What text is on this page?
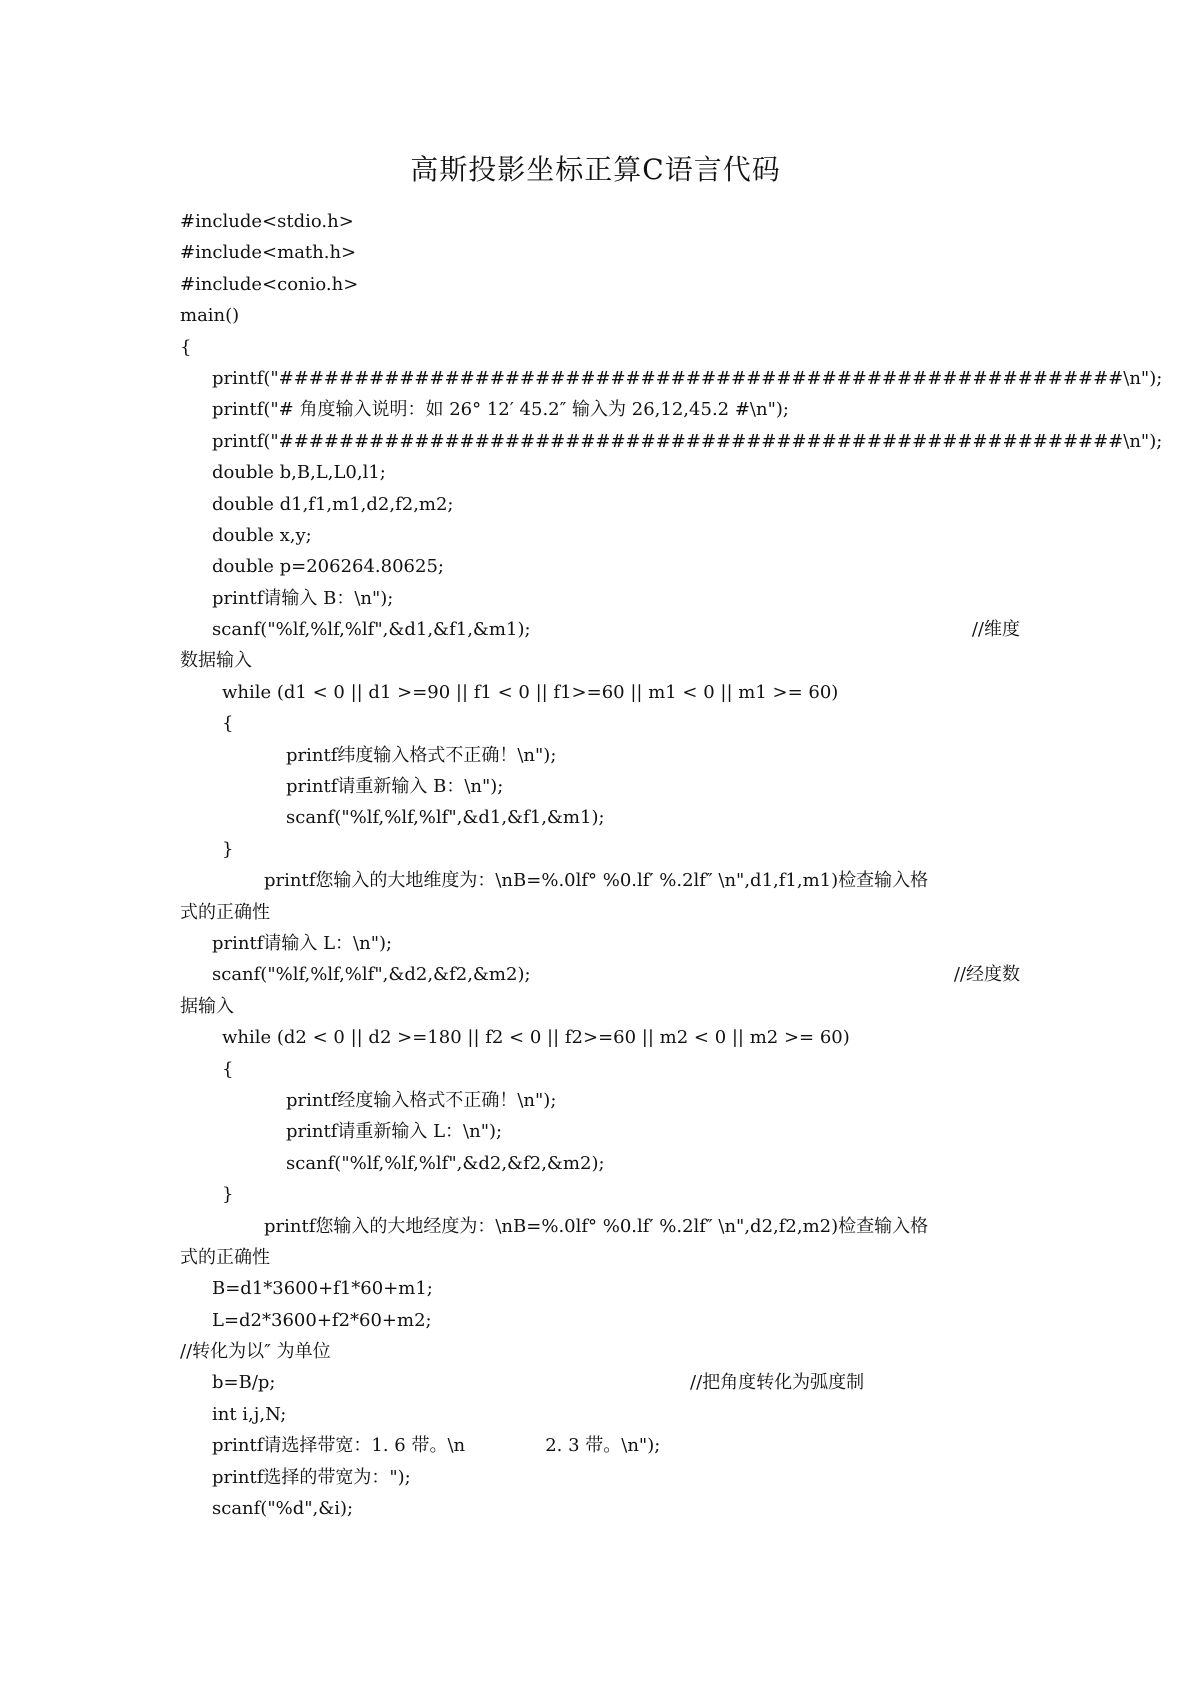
高斯投影坐标正算C语言代码
#include<stdio.h>
#include<math.h>
#include<conio.h>
main()
{
printf("########################################################\n");
printf("# 角度输入说明：如 26° 12′ 45.2″ 输入为 26,12,45.2 #\n");
printf("########################################################\n");
double b,B,L,L0,l1;
double d1,f1,m1,d2,f2,m2;
double x,y;
double p=206264.80625;
printf请输入 B：\n");
scanf("%lf,%lf,%lf",&d1,&f1,&m1);	//维度
数据输入
while (d1 < 0 || d1 >=90 || f1 < 0 || f1>=60 || m1 < 0 || m1 >= 60)
{
printf纬度输入格式不正确！\n");
printf请重新输入 B：\n");
scanf("%lf,%lf,%lf",&d1,&f1,&m1);
}
printf您输入的大地维度为：\nB=%.0lf° %0.lf′ %.2lf″ \n",d1,f1,m1)检查输入格
式的正确性
printf请输入 L：\n");
scanf("%lf,%lf,%lf",&d2,&f2,&m2);	//经度数
据输入
while (d2 < 0 || d2 >=180 || f2 < 0 || f2>=60 || m2 < 0 || m2 >= 60)
{
printf经度输入格式不正确！\n");
printf请重新输入 L：\n");
scanf("%lf,%lf,%lf",&d2,&f2,&m2);
}
printf您输入的大地经度为：\nB=%.0lf° %0.lf′ %.2lf″ \n",d2,f2,m2)检查输入格
式的正确性
B=d1*3600+f1*60+m1;
L=d2*3600+f2*60+m2;
//转化为以″ 为单位
b=B/p;	//把角度转化为弧度制
int i,j,N;
printf请选择带宽：1. 6 带。\n              2. 3 带。\n");
printf选择的带宽为：");
scanf("%d",&i);
